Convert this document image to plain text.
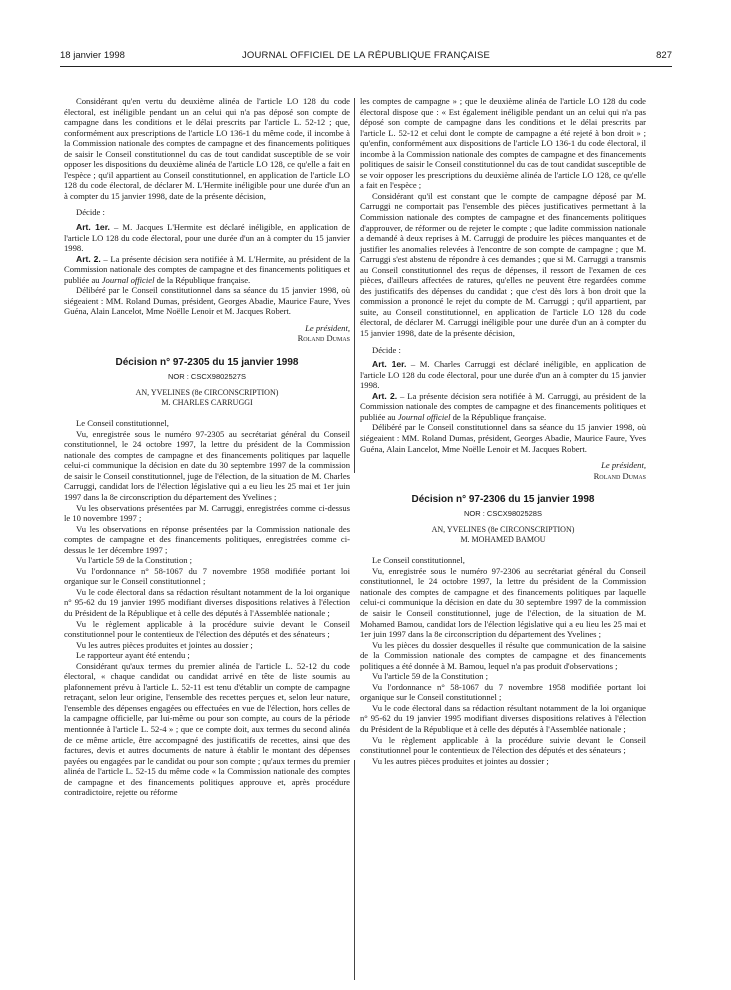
18 janvier 1998	JOURNAL OFFICIEL DE LA RÉPUBLIQUE FRANÇAISE	827

Considérant qu'en vertu du deuxième alinéa de l'article LO 128 du code électoral, est inéligible pendant un an celui qui n'a pas déposé son compte de campagne dans les conditions et le délai prescrits par l'article L. 52-12 ; que, conformément aux prescriptions de l'article LO 136-1 du même code, il incombe à la Commission nationale des comptes de campagne et des financements politiques de saisir le Conseil constitutionnel du cas de tout candidat susceptible de se voir opposer les dispositions du deuxième alinéa de l'article LO 128, ce qu'elle a fait en l'espèce ; qu'il appartient au Conseil constitutionnel, en application de l'article LO 128 du code électoral, de déclarer M. L'Hermite inéligible pour une durée d'un an à compter du 15 janvier 1998, date de la présente décision,

Décide :

Art. 1er. – M. Jacques L'Hermite est déclaré inéligible, en application de l'article LO 128 du code électoral, pour une durée d'un an à compter du 15 janvier 1998.

Art. 2. – La présente décision sera notifiée à M. L'Hermite, au président de la Commission nationale des comptes de campagne et des financements politiques et publiée au Journal officiel de la République française.

Délibéré par le Conseil constitutionnel dans sa séance du 15 janvier 1998, où siégeaient : MM. Roland Dumas, président, Georges Abadie, Maurice Faure, Yves Guéna, Alain Lancelot, Mme Noëlle Lenoir et M. Jacques Robert.

Le président,

Roland Dumas

Décision n° 97-2305 du 15 janvier 1998
NOR : CSCX9802527S
AN, YVELINES (8e CIRCONSCRIPTION)
M. CHARLES CARRUGGI

Le Conseil constitutionnel,

Vu, enregistrée sous le numéro 97-2305 au secrétariat général du Conseil constitutionnel, le 24 octobre 1997, la lettre du président de la Commission nationale des comptes de campagne et des financements politiques par laquelle celui-ci communique la décision en date du 30 septembre 1997 de la commission de saisir le Conseil constitutionnel, juge de l'élection, de la situation de M. Charles Carruggi, candidat lors de l'élection législative qui a eu lieu les 25 mai et 1er juin 1997 dans la 8e circonscription du département des Yvelines ;

Vu les observations présentées par M. Carruggi, enregistrées comme ci-dessus le 10 novembre 1997 ;

Vu les observations en réponse présentées par la Commission nationale des comptes de campagne et des financements politiques, enregistrées comme ci-dessus le 1er décembre 1997 ;

Vu l'article 59 de la Constitution ;

Vu l'ordonnance n° 58-1067 du 7 novembre 1958 modifiée portant loi organique sur le Conseil constitutionnel ;

Vu le code électoral dans sa rédaction résultant notamment de la loi organique n° 95-62 du 19 janvier 1995 modifiant diverses dispositions relatives à l'élection du Président de la République et à celle des députés à l'Assemblée nationale ;

Vu le règlement applicable à la procédure suivie devant le Conseil constitutionnel pour le contentieux de l'élection des députés et des sénateurs ;

Vu les autres pièces produites et jointes au dossier ;

Le rapporteur ayant été entendu ;

Considérant qu'aux termes du premier alinéa de l'article L. 52-12 du code électoral, « chaque candidat ou candidat arrivé en tête de liste soumis au plafonnement prévu à l'article L. 52-11 est tenu d'établir un compte de campagne retraçant, selon leur origine, l'ensemble des recettes perçues et, selon leur nature, l'ensemble des dépenses engagées ou effectuées en vue de l'élection, hors celles de la campagne officielle, par lui-même ou pour son compte, au cours de la période mentionnée à l'article L. 52-4 » ; que ce compte doit, aux termes du second alinéa de ce même article, être accompagné des justificatifs de recettes, ainsi que des factures, devis et autres documents de nature à établir le montant des dépenses payées ou engagées par le candidat ou pour son compte ; qu'aux termes du premier alinéa de l'article L. 52-15 du même code « la Commission nationale des comptes de campagne et des financements politiques approuve et, après procédure contradictoire, rejette ou réforme

les comptes de campagne » ; que le deuxième alinéa de l'article LO 128 du code électoral dispose que : « Est également inéligible pendant un an celui qui n'a pas déposé son compte de campagne dans les conditions et le délai prescrits par l'article L. 52-12 et celui dont le compte de campagne a été rejeté à bon droit » ; qu'enfin, conformément aux dispositions de l'article LO 136-1 du code électoral, il incombe à la Commission nationale des comptes de campagne et des financements politiques de saisir le Conseil constitutionnel du cas de tout candidat susceptible de se voir opposer les prescriptions du deuxième alinéa de l'article LO 128, ce qu'elle a fait en l'espèce ;

Considérant qu'il est constant que le compte de campagne déposé par M. Carruggi ne comportait pas l'ensemble des pièces justificatives permettant à la Commission nationale des comptes de campagne et des financements politiques d'approuver, de réformer ou de rejeter le compte ; que ladite commission nationale a demandé à deux reprises à M. Carruggi de produire les pièces manquantes et de justifier les anomalies relevées à l'encontre de son compte de campagne ; que M. Carruggi s'est abstenu de répondre à ces demandes ; que si M. Carruggi a transmis au Conseil constitutionnel des reçus de dépenses, il ressort de l'examen de ces pièces, d'ailleurs affectées de ratures, qu'elles ne peuvent être regardées comme des justificatifs des dépenses du candidat ; que c'est dès lors à bon droit que la commission a prononcé le rejet du compte de M. Carruggi ; qu'il appartient, par suite, au Conseil constitutionnel, en application de l'article LO 128 du code électoral, de déclarer M. Carruggi inéligible pour une durée d'un an à compter du 15 janvier 1998, date de la présente décision,

Décide :

Art. 1er. – M. Charles Carruggi est déclaré inéligible, en application de l'article LO 128 du code électoral, pour une durée d'un an à compter du 15 janvier 1998.

Art. 2. – La présente décision sera notifiée à M. Carruggi, au président de la Commission nationale des comptes de campagne et des financements politiques et publiée au Journal officiel de la République française.

Délibéré par le Conseil constitutionnel dans sa séance du 15 janvier 1998, où siégeaient : MM. Roland Dumas, président, Georges Abadie, Maurice Faure, Yves Guéna, Alain Lancelot, Mme Noëlle Lenoir et M. Jacques Robert.

Le président,

Roland Dumas

Décision n° 97-2306 du 15 janvier 1998
NOR : CSCX9802528S
AN, YVELINES (8e CIRCONSCRIPTION)
M. MOHAMED BAMOU

Le Conseil constitutionnel,

Vu, enregistrée sous le numéro 97-2306 au secrétariat général du Conseil constitutionnel, le 24 octobre 1997, la lettre du président de la Commission nationale des comptes de campagne et des financements politiques par laquelle celui-ci communique la décision en date du 30 septembre 1997 de la commission de saisir le Conseil constitutionnel, juge de l'élection, de la situation de M. Mohamed Bamou, candidat lors de l'élection législative qui a eu lieu les 25 mai et 1er juin 1997 dans la 8e circonscription du département des Yvelines ;

Vu les pièces du dossier desquelles il résulte que communication de la saisine de la Commission nationale des comptes de campagne et des financements politiques a été donnée à M. Bamou, lequel n'a pas produit d'observations ;

Vu l'article 59 de la Constitution ;

Vu l'ordonnance n° 58-1067 du 7 novembre 1958 modifiée portant loi organique sur le Conseil constitutionnel ;

Vu le code électoral dans sa rédaction résultant notamment de la loi organique n° 95-62 du 19 janvier 1995 modifiant diverses dispositions relatives à l'élection du Président de la République et à celle des députés à l'Assemblée nationale ;

Vu le règlement applicable à la procédure suivie devant le Conseil constitutionnel pour le contentieux de l'élection des députés et des sénateurs ;

Vu les autres pièces produites et jointes au dossier ;
